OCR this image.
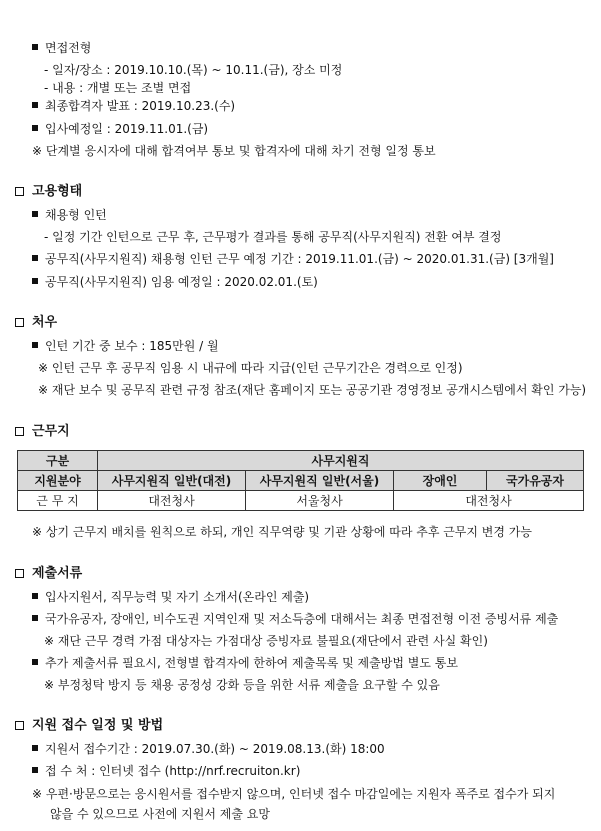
면접전형
- 일자/장소 : 2019.10.10.(목) ~ 10.11.(금), 장소 미정
- 내용 : 개별 또는 조별 면접
최종합격자 발표 : 2019.10.23.(수)
입사예정일 : 2019.11.01.(금)
※ 단계별 응시자에 대해 합격여부 통보 및 합격자에 대해 차기 전형 일정 통보
고용형태
채용형 인턴
- 일정 기간 인턴으로 근무 후, 근무평가 결과를 통해 공무직(사무지원직) 전환 여부 결정
공무직(사무지원직) 채용형 인턴 근무 예정 기간 : 2019.11.01.(금) ~ 2020.01.31.(금) [3개월]
공무직(사무지원직) 임용 예정일 : 2020.02.01.(토)
처우
인턴 기간 중 보수 : 185만원 / 월
※ 인턴 근무 후 공무직 임용 시 내규에 따라 지급(인턴 근무기간은 경력으로 인정)
※ 재단 보수 및 공무직 관련 규정 참조(재단 홈페이지 또는 공공기관 경영정보 공개시스템에서 확인 가능)
근무지
구분	사무지원직			
지원분야	사무지원직 일반(대전)	사무지원직 일반(서울)	장애인	국가유공자
근 무 지	대전청사	서울청사	대전청사	
※ 상기 근무지 배치를 원칙으로 하되, 개인 직무역량 및 기관 상황에 따라 추후 근무지 변경 가능
제출서류
입사지원서, 직무능력 및 자기 소개서(온라인 제출)
국가유공자, 장애인, 비수도권 지역인재 및 저소득층에 대해서는 최종 면접전형 이전 증빙서류 제출
※ 재단 근무 경력 가점 대상자는 가점대상 증빙자료 불필요(재단에서 관련 사실 확인)
추가 제출서류 필요시, 전형별 합격자에 한하여 제출목록 및 제출방법 별도 통보
※ 부정청탁 방지 등 채용 공정성 강화 등을 위한 서류 제출을 요구할 수 있음
지원 접수 일정 및 방법
지원서 접수기간 : 2019.07.30.(화) ~ 2019.08.13.(화) 18:00
접 수 처 : 인터넷 접수 (http://nrf.recruiton.kr)
※ 우편·방문으로는 응시원서를 접수받지 않으며, 인터넷 접수 마감일에는 지원자 폭주로 접수가 되지
않을 수 있으므로 사전에 지원서 제출 요망
